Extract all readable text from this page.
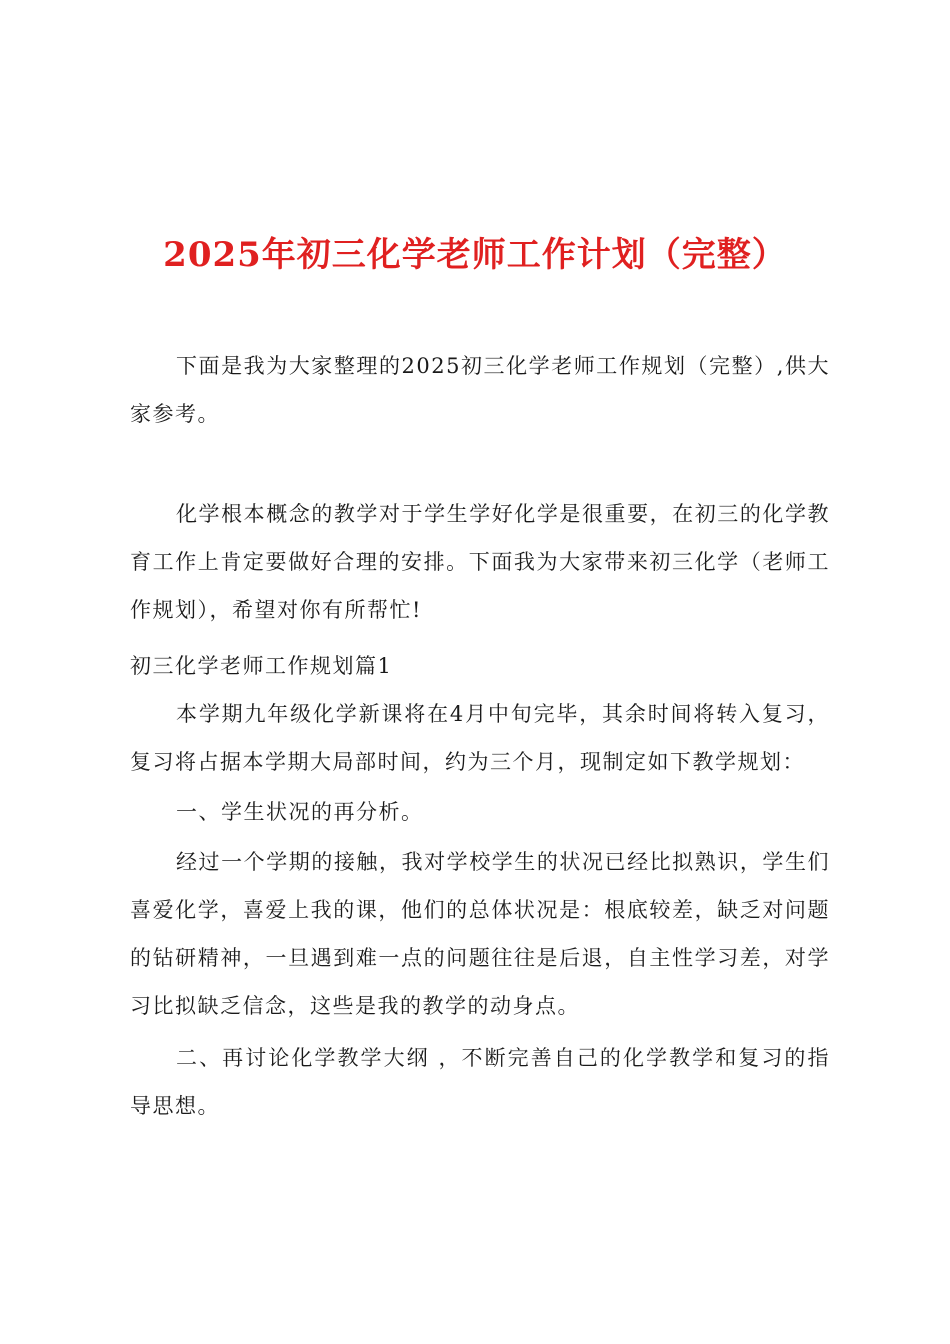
2025年初三化学老师工作计划（完整）

下面是我为大家整理的2025初三化学老师工作规划（完整）,供大家参考。

化学根本概念的教学对于学生学好化学是很重要，在初三的化学教育工作上肯定要做好合理的安排。下面我为大家带来初三化学（老师工作规划），希望对你有所帮忙!

初三化学老师工作规划篇1

本学期九年级化学新课将在4月中旬完毕，其余时间将转入复习，复习将占据本学期大局部时间，约为三个月，现制定如下教学规划：

一、学生状况的再分析。

经过一个学期的接触，我对学校学生的状况已经比拟熟识，学生们喜爱化学，喜爱上我的课，他们的总体状况是：根底较差，缺乏对问题的钻研精神，一旦遇到难一点的问题往往是后退，自主性学习差，对学习比拟缺乏信念，这些是我的教学的动身点。

二、再讨论化学教学大纲 ，不断完善自己的化学教学和复习的指导思想。
